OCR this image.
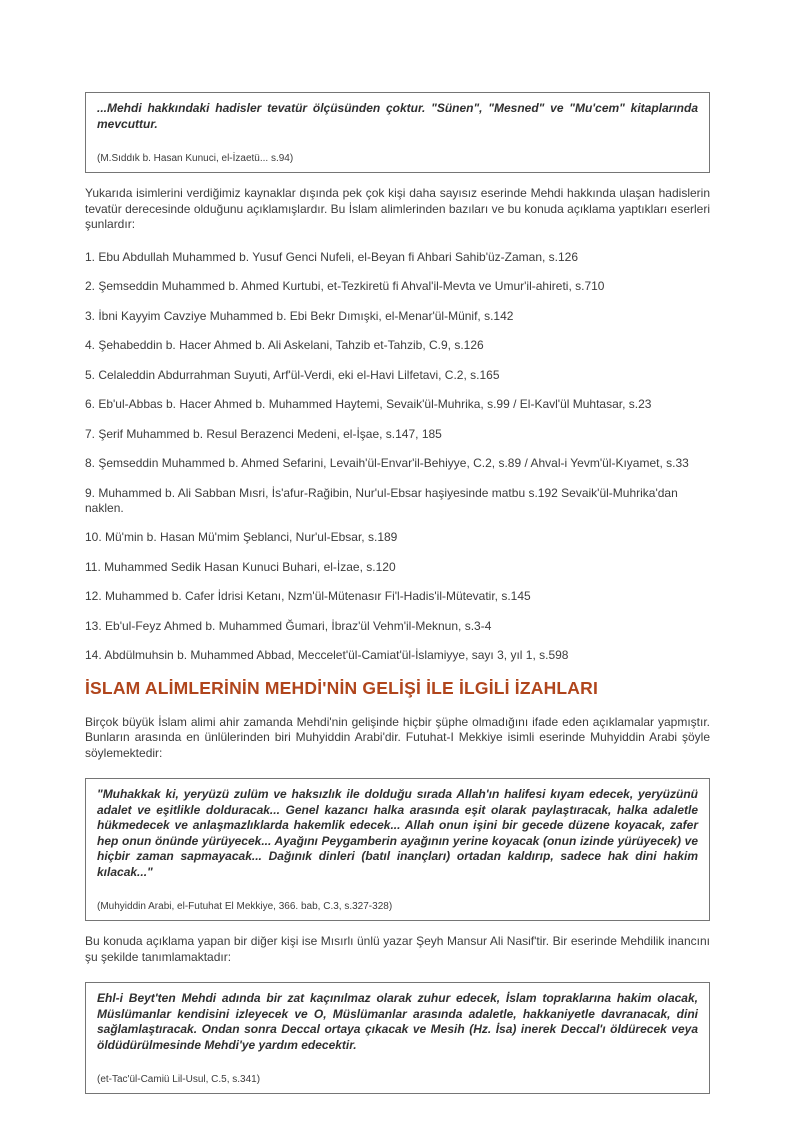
...Mehdi hakkındaki hadisler tevatür ölçüsünden çoktur. "Sünen", "Mesned" ve "Mu'cem" kitaplarında mevcuttur.

(M.Sıddık b. Hasan Kunuci, el-İzaetü... s.94)

Yukarıda isimlerini verdiğimiz kaynaklar dışında pek çok kişi daha sayısız eserinde Mehdi hakkında ulaşan hadislerin tevatür derecesinde olduğunu açıklamışlardır. Bu İslam alimlerinden bazıları ve bu konuda açıklama yaptıkları eserleri şunlardır:

1. Ebu Abdullah Muhammed b. Yusuf Genci Nufeli, el-Beyan fi Ahbari Sahib'üz-Zaman, s.126

2. Şemseddin Muhammed b. Ahmed Kurtubi, et-Tezkiretü fi Ahval'il-Mevta ve Umur'il-ahireti, s.710

3. İbni Kayyim Cavziye Muhammed b. Ebi Bekr Dımışki, el-Menar'ül-Münif, s.142

4. Şehabeddin b. Hacer Ahmed b. Ali Askelani, Tahzib et-Tahzib, C.9, s.126

5. Celaleddin Abdurrahman Suyuti, Arf'ül-Verdi, eki el-Havi Lilfetavi, C.2, s.165

6. Eb'ul-Abbas b. Hacer Ahmed b. Muhammed Haytemi, Sevaik'ül-Muhrika, s.99 / El-Kavl'ül Muhtasar, s.23

7. Şerif Muhammed b. Resul Berazenci Medeni, el-İşae, s.147, 185

8. Şemseddin Muhammed b. Ahmed Sefarini, Levaih'ül-Envar'il-Behiyye, C.2, s.89 / Ahval-i Yevm'ül-Kıyamet, s.33

9. Muhammed b. Ali Sabban Mısri, İs'afur-Rağibin, Nur'ul-Ebsar haşiyesinde matbu s.192 Sevaik'ül-Muhrika'dan naklen.

10. Mü'min b. Hasan Mü'mim Şeblanci, Nur'ul-Ebsar, s.189

11. Muhammed Sedik Hasan Kunuci Buhari, el-İzae, s.120

12. Muhammed b. Cafer İdrisi Ketanı, Nzm'ül-Mütenasır Fi'l-Hadis'il-Mütevatir, s.145

13. Eb'ul-Feyz Ahmed b. Muhammed Ğumari, İbraz'ül Vehm'il-Meknun, s.3-4

14. Abdülmuhsin b. Muhammed Abbad, Meccelet'ül-Camiat'ül-İslamiyye, sayı 3, yıl 1, s.598

İSLAM ALİMLERİNİN MEHDİ'NİN GELİŞİ İLE İLGİLİ İZAHLARI

Birçok büyük İslam alimi ahir zamanda Mehdi'nin gelişinde hiçbir şüphe olmadığını ifade eden açıklamalar yapmıştır. Bunların arasında en ünlülerinden biri Muhyiddin Arabi'dir. Futuhat-I Mekkiye isimli eserinde Muhyiddin Arabi şöyle söylemektedir:

"Muhakkak ki, yeryüzü zulüm ve haksızlık ile dolduğu sırada Allah'ın halifesi kıyam edecek, yeryüzünü adalet ve eşitlikle dolduracak... Genel kazancı halka arasında eşit olarak paylaştıracak, halka adaletle hükmedecek ve anlaşmazlıklarda hakemlik edecek... Allah onun işini bir gecede düzene koyacak, zafer hep onun önünde yürüyecek... Ayağını Peygamberin ayağının yerine koyacak (onun izinde yürüyecek) ve hiçbir zaman sapmayacak... Dağınık dinleri (batıl inançları) ortadan kaldırıp, sadece hak dini hakim kılacak..."

(Muhyiddin Arabi, el-Futuhat El Mekkiye, 366. bab, C.3, s.327-328)

Bu konuda açıklama yapan bir diğer kişi ise Mısırlı ünlü yazar Şeyh Mansur Ali Nasif'tir. Bir eserinde Mehdilik inancını şu şekilde tanımlamaktadır:

Ehl-i Beyt'ten Mehdi adında bir zat kaçınılmaz olarak zuhur edecek, İslam topraklarına hakim olacak, Müslümanlar kendisini izleyecek ve O, Müslümanlar arasında adaletle, hakkaniyetle davranacak, dini sağlamlaştıracak. Ondan sonra Deccal ortaya çıkacak ve Mesih (Hz. İsa) inerek Deccal'ı öldürecek veya öldüdürülmesinde Mehdi'ye yardım edecektir.

(et-Tac'ül-Camiü Lil-Usul, C.5, s.341)
